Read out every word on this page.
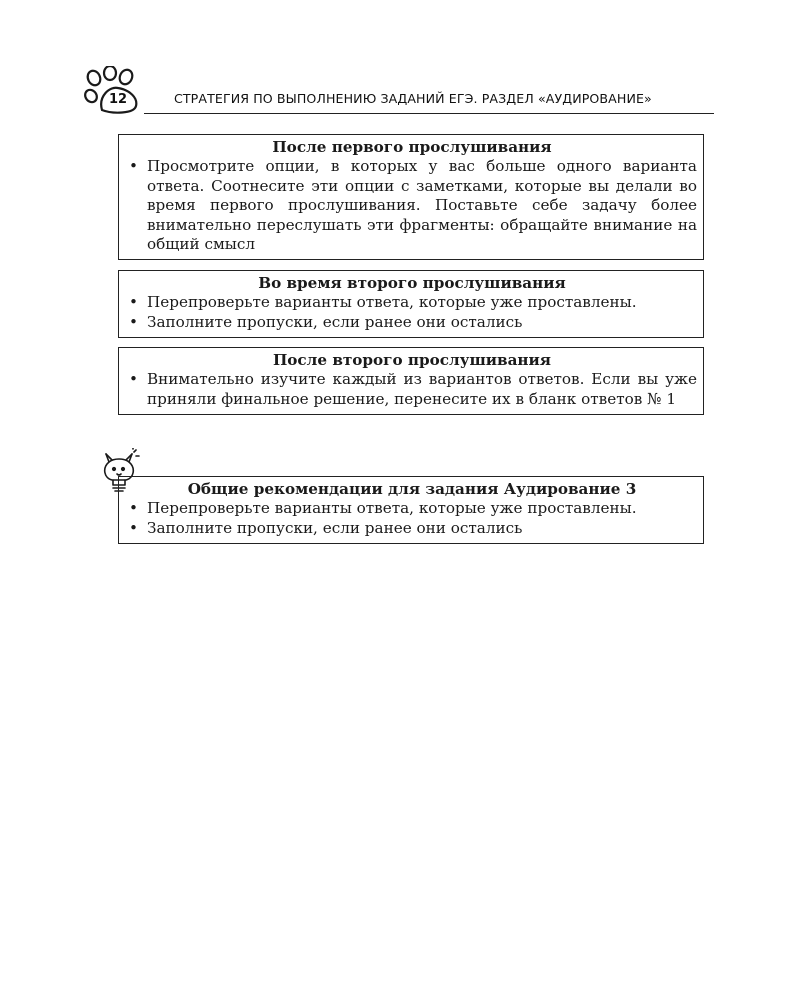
12	СТРАТЕГИЯ ПО ВЫПОЛНЕНИЮ ЗАДАНИЙ ЕГЭ. РАЗДЕЛ «АУДИРОВАНИЕ»
После первого прослушивания
• Просмотрите опции, в которых у вас больше одного варианта ответа. Соотнесите эти опции с заметками, которые вы делали во время первого прослушивания. Поставьте себе задачу более внимательно переслушать эти фрагменты: обращайте внимание на общий смысл
Во время второго прослушивания
• Перепроверьте варианты ответа, которые уже проставлены.
• Заполните пропуски, если ранее они остались
После второго прослушивания
• Внимательно изучите каждый из вариантов ответов. Если вы уже приняли финальное решение, перенесите их в бланк ответов № 1
Общие рекомендации для задания Аудирование 3
• Перепроверьте варианты ответа, которые уже проставлены.
• Заполните пропуски, если ранее они остались
